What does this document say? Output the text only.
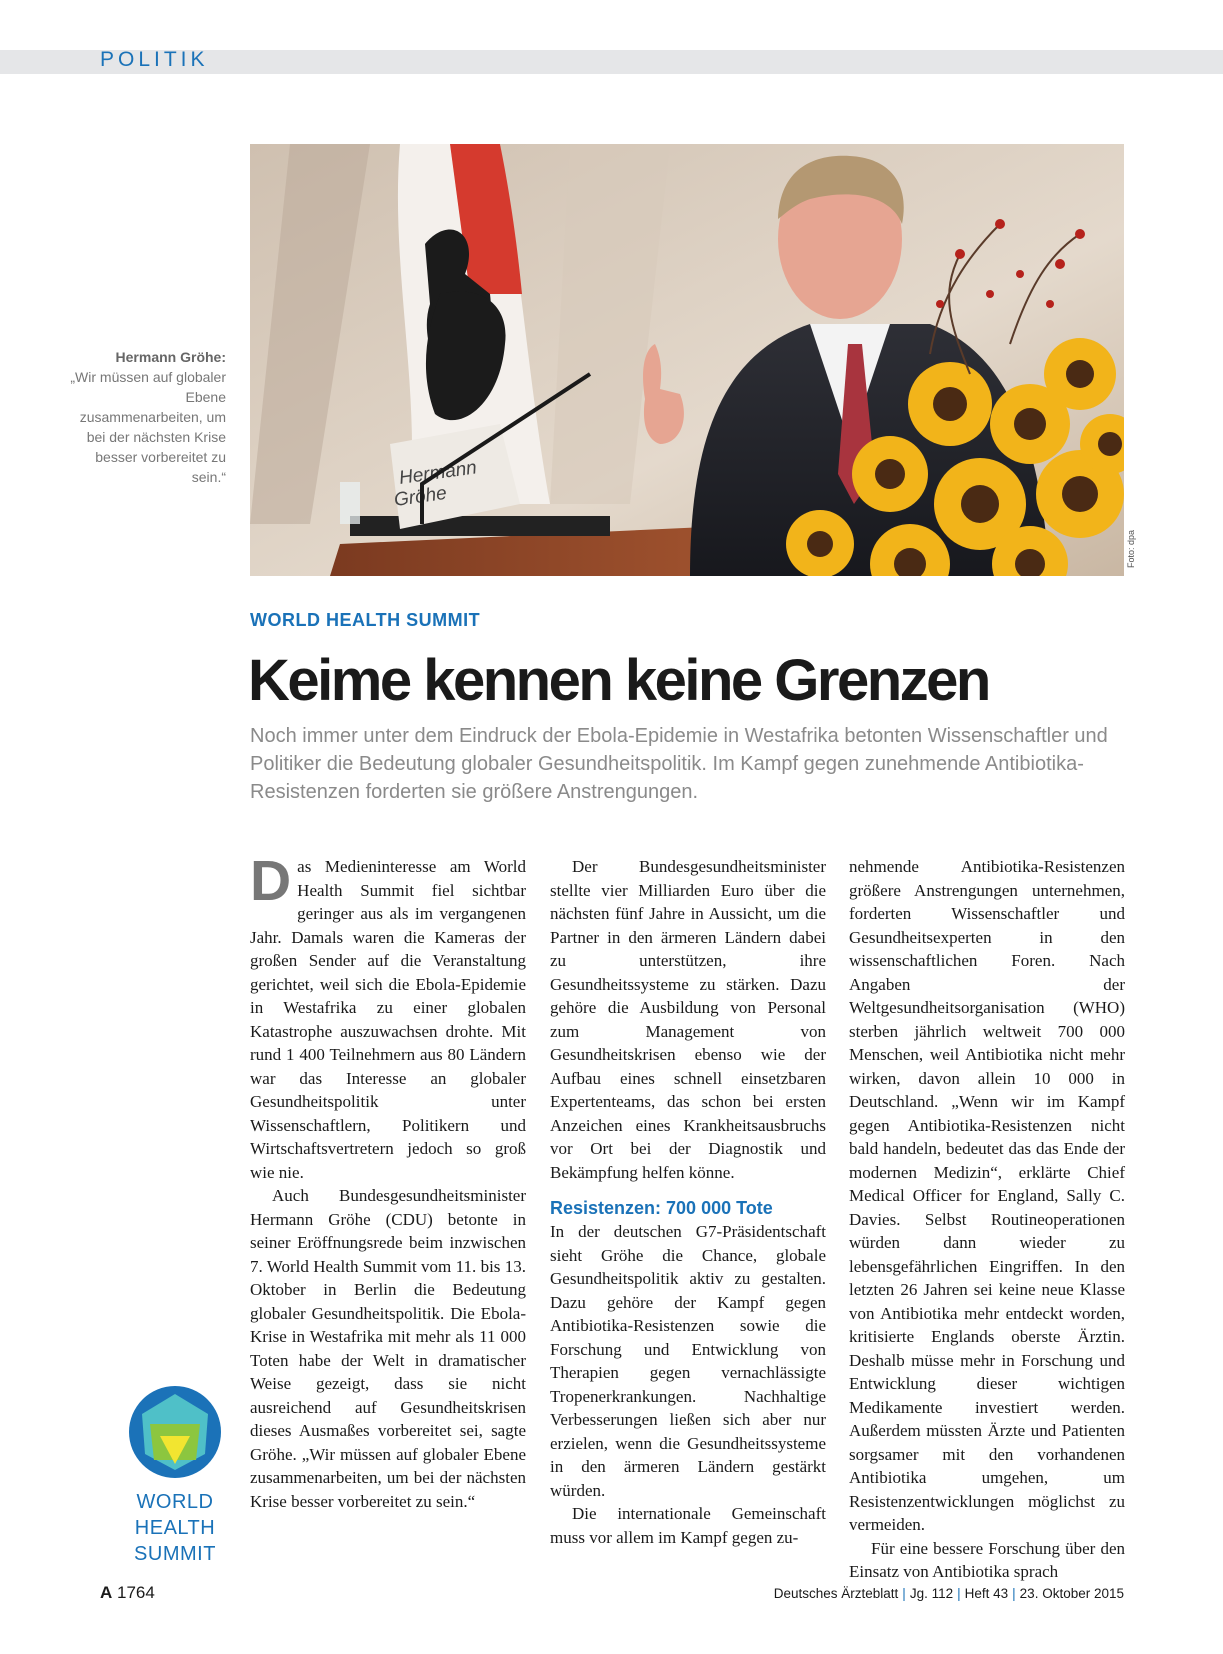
POLITIK
Hermann
Gröhe
Foto: dpa
Hermann Gröhe:
„Wir müssen auf globaler Ebene zusammenarbeiten, um bei der nächsten Krise besser vorbereitet zu sein.“
WORLD HEALTH SUMMIT
Keime kennen keine Grenzen
Noch immer unter dem Eindruck der Ebola-Epidemie in Westafrika betonten Wissenschaftler und Politiker die Bedeutung globaler Gesundheitspolitik. Im Kampf gegen zunehmende Antibiotika-Resistenzen forderten sie größere Anstrengungen.

Das Medieninteresse am World Health Summit fiel sichtbar geringer aus als im vergangenen Jahr. Damals waren die Kameras der großen Sender auf die Veranstaltung gerichtet, weil sich die Ebola-Epidemie in Westafrika zu einer globalen Katastrophe auszuwachsen drohte. Mit rund 1 400 Teilnehmern aus 80 Ländern war das Interesse an globaler Gesundheitspolitik unter Wissenschaftlern, Politikern und Wirtschaftsvertretern jedoch so groß wie nie.

Auch Bundesgesundheitsminister Hermann Gröhe (CDU) betonte in seiner Eröffnungsrede beim inzwischen 7. World Health Summit vom 11. bis 13. Oktober in Berlin die Bedeutung globaler Gesundheitspolitik. Die Ebola-Krise in Westafrika mit mehr als 11 000 Toten habe der Welt in dramatischer Weise gezeigt, dass sie nicht ausreichend auf Gesundheitskrisen dieses Ausmaßes vorbereitet sei, sagte Gröhe. „Wir müssen auf globaler Ebene zusammenarbeiten, um bei der nächsten Krise besser vorbereitet zu sein.“

Der Bundesgesundheitsminister stellte vier Milliarden Euro über die nächsten fünf Jahre in Aussicht, um die Partner in den ärmeren Ländern dabei zu unterstützen, ihre Gesundheitssysteme zu stärken. Dazu gehöre die Ausbildung von Personal zum Management von Gesundheitskrisen ebenso wie der Aufbau eines schnell einsetzbaren Expertenteams, das schon bei ersten Anzeichen eines Krankheitsausbruchs vor Ort bei der Diagnostik und Bekämpfung helfen könne.

Resistenzen: 700 000 Tote

In der deutschen G7-Präsidentschaft sieht Gröhe die Chance, globale Gesundheitspolitik aktiv zu gestalten. Dazu gehöre der Kampf gegen Antibiotika-Resistenzen sowie die Forschung und Entwicklung von Therapien gegen vernachlässigte Tropenerkrankungen. Nachhaltige Verbesserungen ließen sich aber nur erzielen, wenn die Gesundheitssysteme in den ärmeren Ländern gestärkt würden.

Die internationale Gemeinschaft muss vor allem im Kampf gegen zu-

nehmende Antibiotika-Resistenzen größere Anstrengungen unternehmen, forderten Wissenschaftler und Gesundheitsexperten in den wissenschaftlichen Foren. Nach Angaben der Weltgesundheitsorganisation (WHO) sterben jährlich weltweit 700 000 Menschen, weil Antibiotika nicht mehr wirken, davon allein 10 000 in Deutschland. „Wenn wir im Kampf gegen Antibiotika-Resistenzen nicht bald handeln, bedeutet das das Ende der modernen Medizin“, erklärte Chief Medical Officer for England, Sally C. Davies. Selbst Routineoperationen würden dann wieder zu lebensgefährlichen Eingriffen. In den letzten 26 Jahren sei keine neue Klasse von Antibiotika mehr entdeckt worden, kritisierte Englands oberste Ärztin. Deshalb müsse mehr in Forschung und Entwicklung dieser wichtigen Medikamente investiert werden. Außerdem müssten Ärzte und Patienten sorgsamer mit den vorhandenen Antibiotika umgehen, um Resistenzentwicklungen möglichst zu vermeiden.

Für eine bessere Forschung über den Einsatz von Antibiotika sprach

WORLD
HEALTH
SUMMIT
A 1764	Deutsches Ärzteblatt | Jg. 112 | Heft 43 | 23. Oktober 2015
